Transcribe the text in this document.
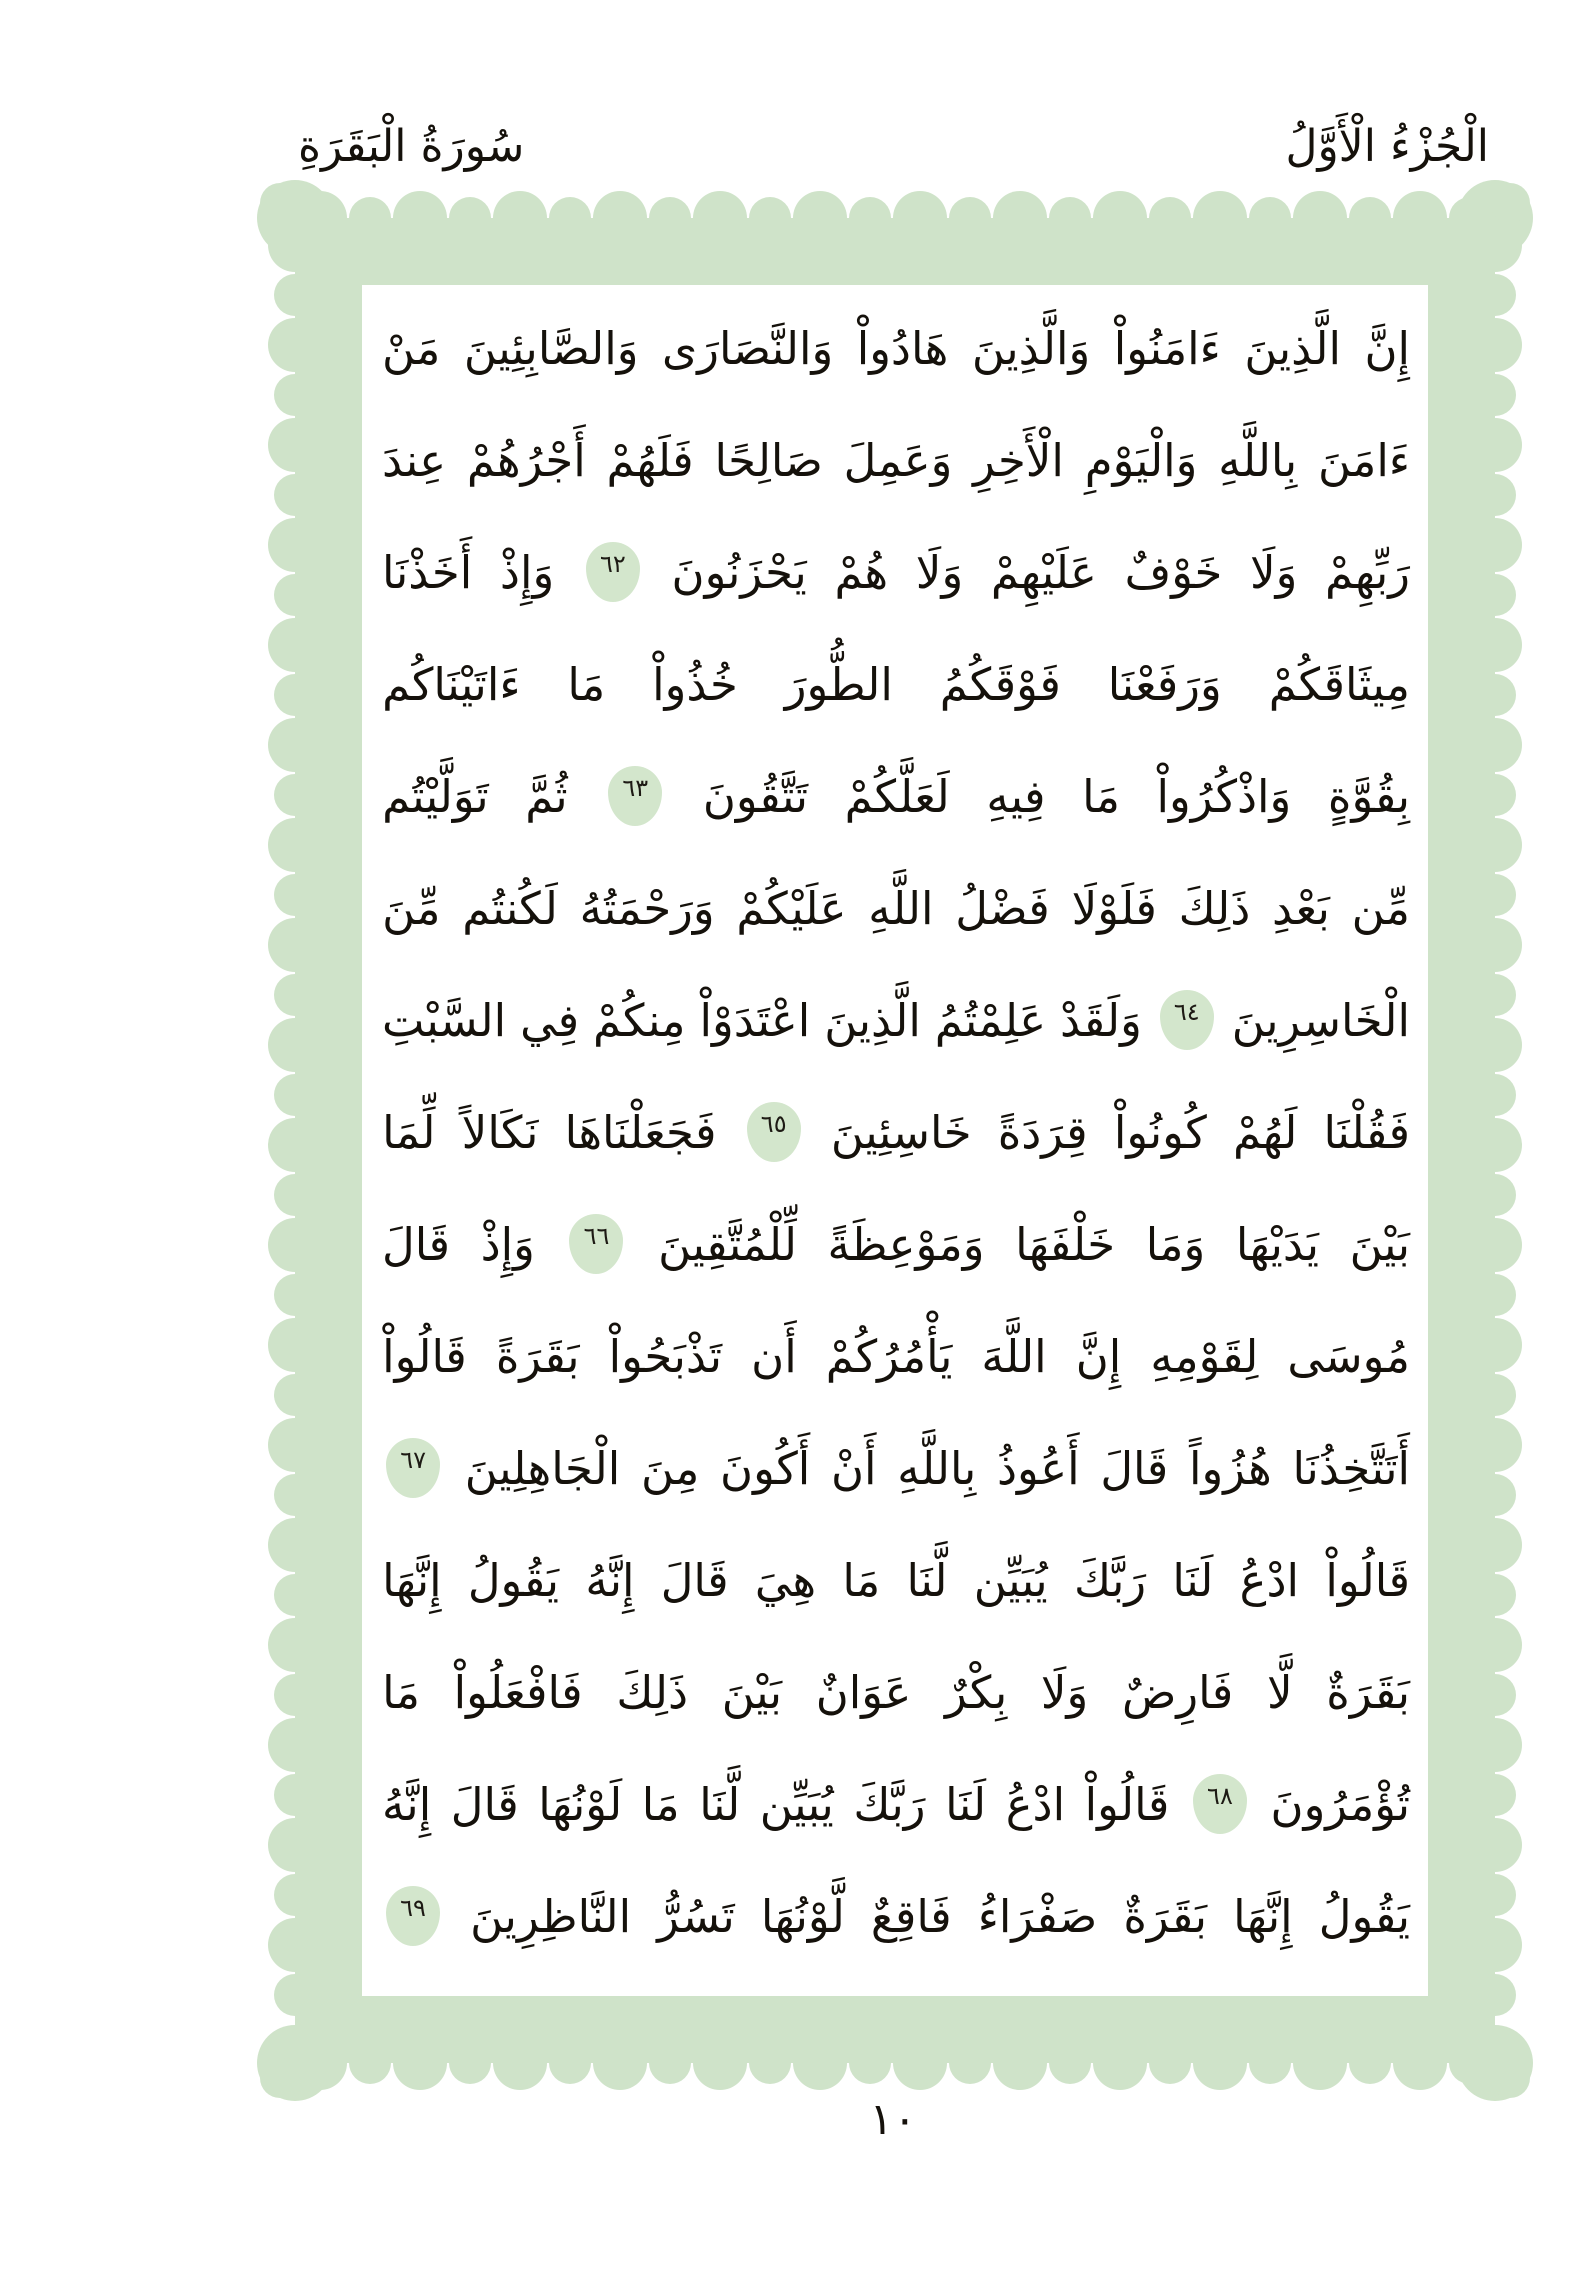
سُورَةُ الْبَقَرَةِ	الْجُزْءُ الْأَوَّلُ
إِنَّ
الَّذِينَ
ءَامَنُواْ
وَالَّذِينَ
هَادُواْ
وَالنَّصَارَى
وَالصَّابِئِينَ
مَنْ
ءَامَنَ
بِاللَّهِ
وَالْيَوْمِ
الْأَخِرِ
وَعَمِلَ
صَالِحًا
فَلَهُمْ
أَجْرُهُمْ
عِندَ
رَبِّهِمْ
وَلَا
خَوْفٌ
عَلَيْهِمْ
وَلَا
هُمْ
يَحْزَنُونَ
٦٢
وَإِذْ
أَخَذْنَا
مِيثَاقَكُمْ
وَرَفَعْنَا
فَوْقَكُمُ
الطُّورَ
خُذُواْ
مَا
ءَاتَيْنَاكُم
بِقُوَّةٍ
وَاذْكُرُواْ
مَا
فِيهِ
لَعَلَّكُمْ
تَتَّقُونَ
٦٣
ثُمَّ
تَوَلَّيْتُم
مِّن
بَعْدِ
ذَلِكَ
فَلَوْلَا
فَضْلُ
اللَّهِ
عَلَيْكُمْ
وَرَحْمَتُهُ
لَكُنتُم
مِّنَ
الْخَاسِرِينَ
٦٤
وَلَقَدْ
عَلِمْتُمُ
الَّذِينَ
اعْتَدَوْاْ
مِنكُمْ
فِي
السَّبْتِ
فَقُلْنَا
لَهُمْ
كُونُواْ
قِرَدَةً
خَاسِئِينَ
٦٥
فَجَعَلْنَاهَا
نَكَالاً
لِّمَا
بَيْنَ
يَدَيْهَا
وَمَا
خَلْفَهَا
وَمَوْعِظَةً
لِّلْمُتَّقِينَ
٦٦
وَإِذْ
قَالَ
مُوسَى
لِقَوْمِهِ
إِنَّ
اللَّهَ
يَأْمُرُكُمْ
أَن
تَذْبَحُواْ
بَقَرَةً
قَالُواْ
أَتَتَّخِذُنَا
هُزُواً
قَالَ
أَعُوذُ
بِاللَّهِ
أَنْ
أَكُونَ
مِنَ
الْجَاهِلِينَ
٦٧
قَالُواْ
ادْعُ
لَنَا
رَبَّكَ
يُبَيِّن
لَّنَا
مَا
هِيَ
قَالَ
إِنَّهُ
يَقُولُ
إِنَّهَا
بَقَرَةٌ
لَّا
فَارِضٌ
وَلَا
بِكْرٌ
عَوَانٌ
بَيْنَ
ذَلِكَ
فَافْعَلُواْ
مَا
تُؤْمَرُونَ
٦٨
قَالُواْ
ادْعُ
لَنَا
رَبَّكَ
يُبَيِّن
لَّنَا
مَا
لَوْنُهَا
قَالَ
إِنَّهُ
يَقُولُ
إِنَّهَا
بَقَرَةٌ
صَفْرَاءُ
فَاقِعٌ
لَّوْنُهَا
تَسُرُّ
النَّاظِرِينَ
٦٩
١٠
